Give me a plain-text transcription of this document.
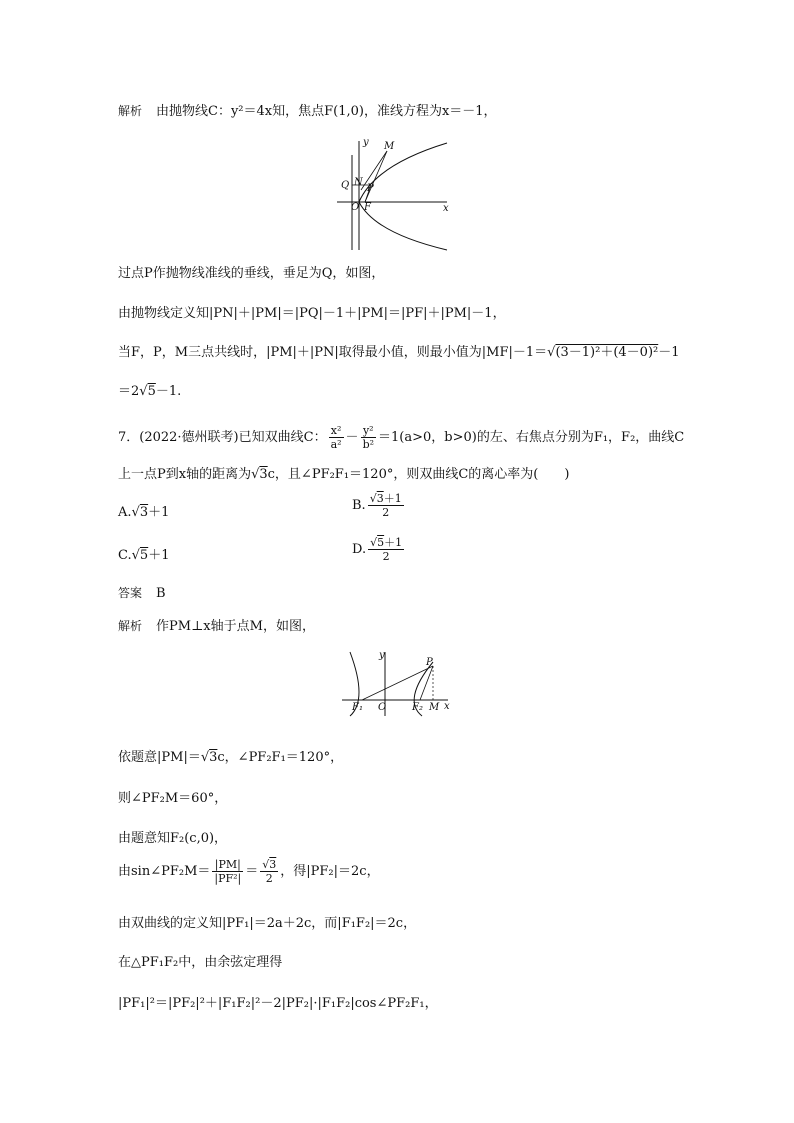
解析 由抛物线C：y²＝4x知，焦点F(1,0)，准线方程为x＝－1，
y M
Q N
P
O F	x
过点P作抛物线准线的垂线，垂足为Q，如图，
由抛物线定义知|PN|＋|PM|＝|PQ|－1＋|PM|＝|PF|＋|PM|－1，
当F，P，M三点共线时，|PM|＋|PN|取得最小值，则最小值为|MF|－1＝√(3－1)²＋(4－0)²－1
＝2√5－1.
7．(2022·德州联考)已知双曲线C： $\frac{\text{x²}}{\text{a²}} - \frac{\text{y²}}{\text{b²}} =1(a>0$，b>0)的左、右焦点分别为F₁，F₂，曲线C
上一点P到x轴的距离为√3c，且∠PF₂F₁＝120°，则双曲线C的离心率为(　　)
A.√3＋1	B. $\frac{√3+1}{2}$
C.√5＋1	D. $\frac{√5+1}{2}$
答案 B
解析 作PM⊥x轴于点M，如图，
y
P
F₁ O	F₂ M x
依题意|PM|＝√3c，∠PF₂F₁＝120°，
则∠PF₂M＝60°，
由题意知F₂(c,0)，
由sin∠PF₂M＝ $\frac{|PM|}{\text{|PF²|}} = \frac{√3}{2}$ ，得|PF₂|＝2c，
由双曲线的定义知|PF₁|＝2a＋2c，而|F₁F₂|＝2c，
在△PF₁F₂中，由余弦定理得
|PF₁|²＝|PF₂|²＋|F₁F₂|²－2|PF₂|·|F₁F₂|cos∠PF₂F₁，
